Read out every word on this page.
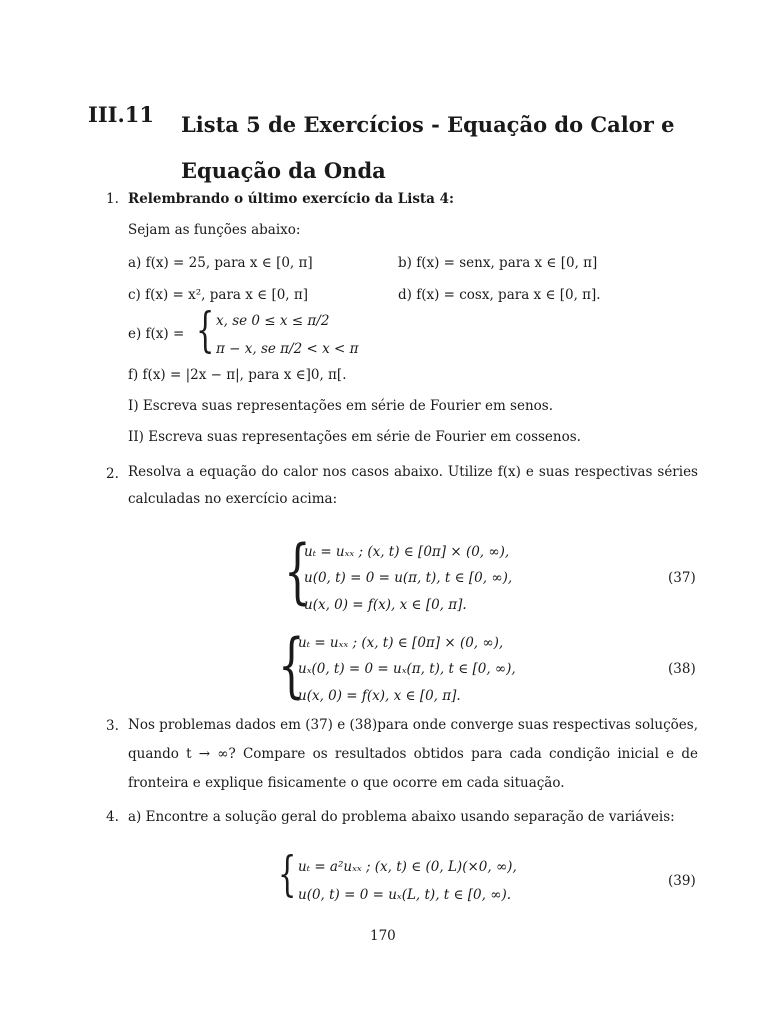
III.11 Lista 5 de Exercícios - Equação do Calor e Equação da Onda
1. Relembrando o último exercício da Lista 4:
Sejam as funções abaixo:
a) f(x) = 25, para x ∈ [0, π]	b) f(x) = senx, para x ∈ [0, π]
c) f(x) = x², para x ∈ [0, π]	d) f(x) = cosx, para x ∈ [0, π].
e) f(x) = { x, se 0 ≤ x ≤ π/2
π − x, se π/2 < x < π
f) f(x) = |2x − π|, para x ∈]0, π[.
I) Escreva suas representações em série de Fourier em senos.
II) Escreva suas representações em série de Fourier em cossenos.
2. Resolva a equação do calor nos casos abaixo. Utilize f(x) e suas respectivas séries calculadas no exercício acima:
{
uₜ = uₓₓ ; (x, t) ∈ [0π] × (0, ∞),
u(0, t) = 0 = u(π, t), t ∈ [0, ∞),
u(x, 0) = f(x), x ∈ [0, π].
(37)
{
uₜ = uₓₓ ; (x, t) ∈ [0π] × (0, ∞),
uₓ(0, t) = 0 = uₓ(π, t), t ∈ [0, ∞),
u(x, 0) = f(x), x ∈ [0, π].
(38)
3. Nos problemas dados em (37) e (38)para onde converge suas respectivas soluções, quando t → ∞? Compare os resultados obtidos para cada condição inicial e de fronteira e explique fisicamente o que ocorre em cada situação.
4. a) Encontre a solução geral do problema abaixo usando separação de variáveis:
{ uₜ = a²uₓₓ ; (x, t) ∈ (0, L)(×0, ∞),
u(0, t) = 0 = uₓ(L, t), t ∈ [0, ∞).
(39)
170
